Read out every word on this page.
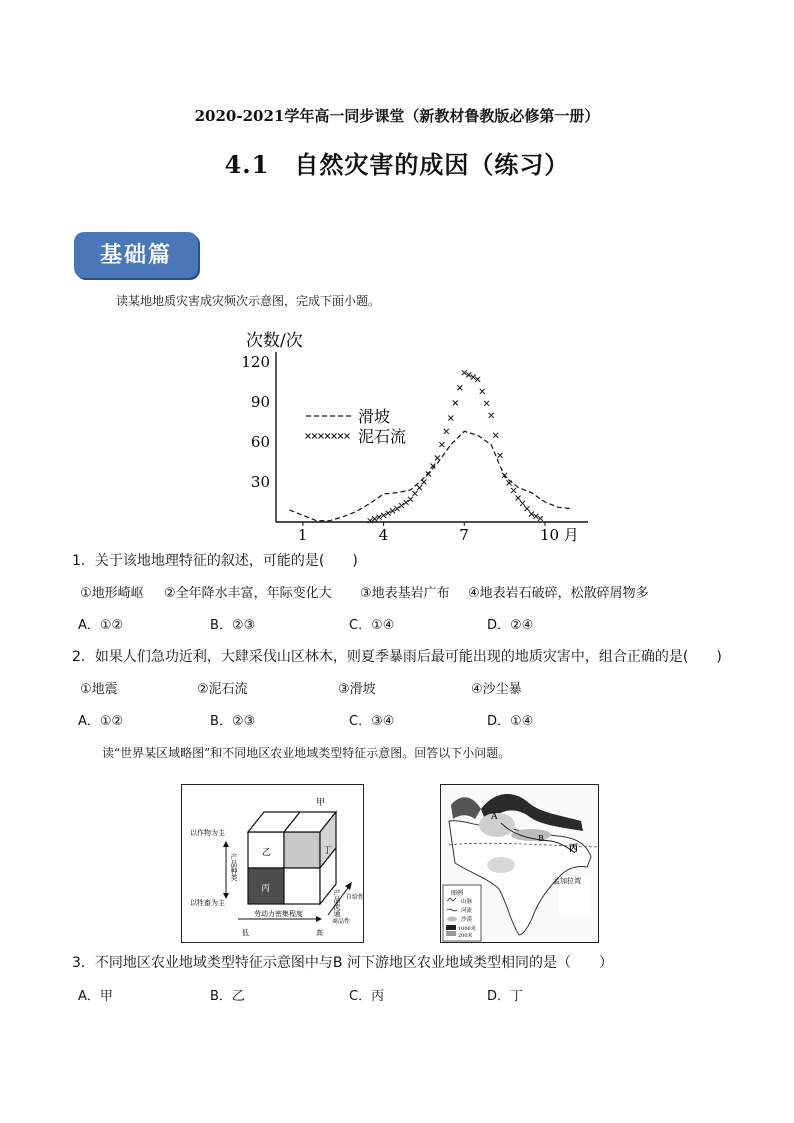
2020-2021学年高一同步课堂（新教材鲁教版必修第一册）
4.1　自然灾害的成因（练习）
基础篇
读某地地质灾害成灾频次示意图，完成下面小题。
次数/次
120
90
60
30
1	4	7	10 月
滑坡
泥石流
1．关于该地地理特征的叙述，可能的是(　　)
①地形崎岖 ②全年降水丰富，年际变化大 ③地表基岩广布 ④地表岩石破碎，松散碎屑物多
A．①②	B．②③	C．①④	D．②④
2．如果人们急功近利，大肆采伐山区林木，则夏季暴雨后最可能出现的地质灾害中，组合正确的是(　　)
①地震	②泥石流	③滑坡	④沙尘暴
A．①②	B．②③	C．③④	D．①④
读“世界某区域略图”和不同地区农业地域类型特征示意图。回答以下小问题。
甲
乙	丁
丙
以作物为主
以牲畜为主
产品种类
劳动力密集程度
低	高
产品流通 自给性
商品性
A
B
丙
孟加拉湾
图例
山脉
河流
沙漠
1000米
200米
3．不同地区农业地域类型特征示意图中与B 河下游地区农业地域类型相同的是（　　）
A．甲	B．乙	C．丙	D．丁
